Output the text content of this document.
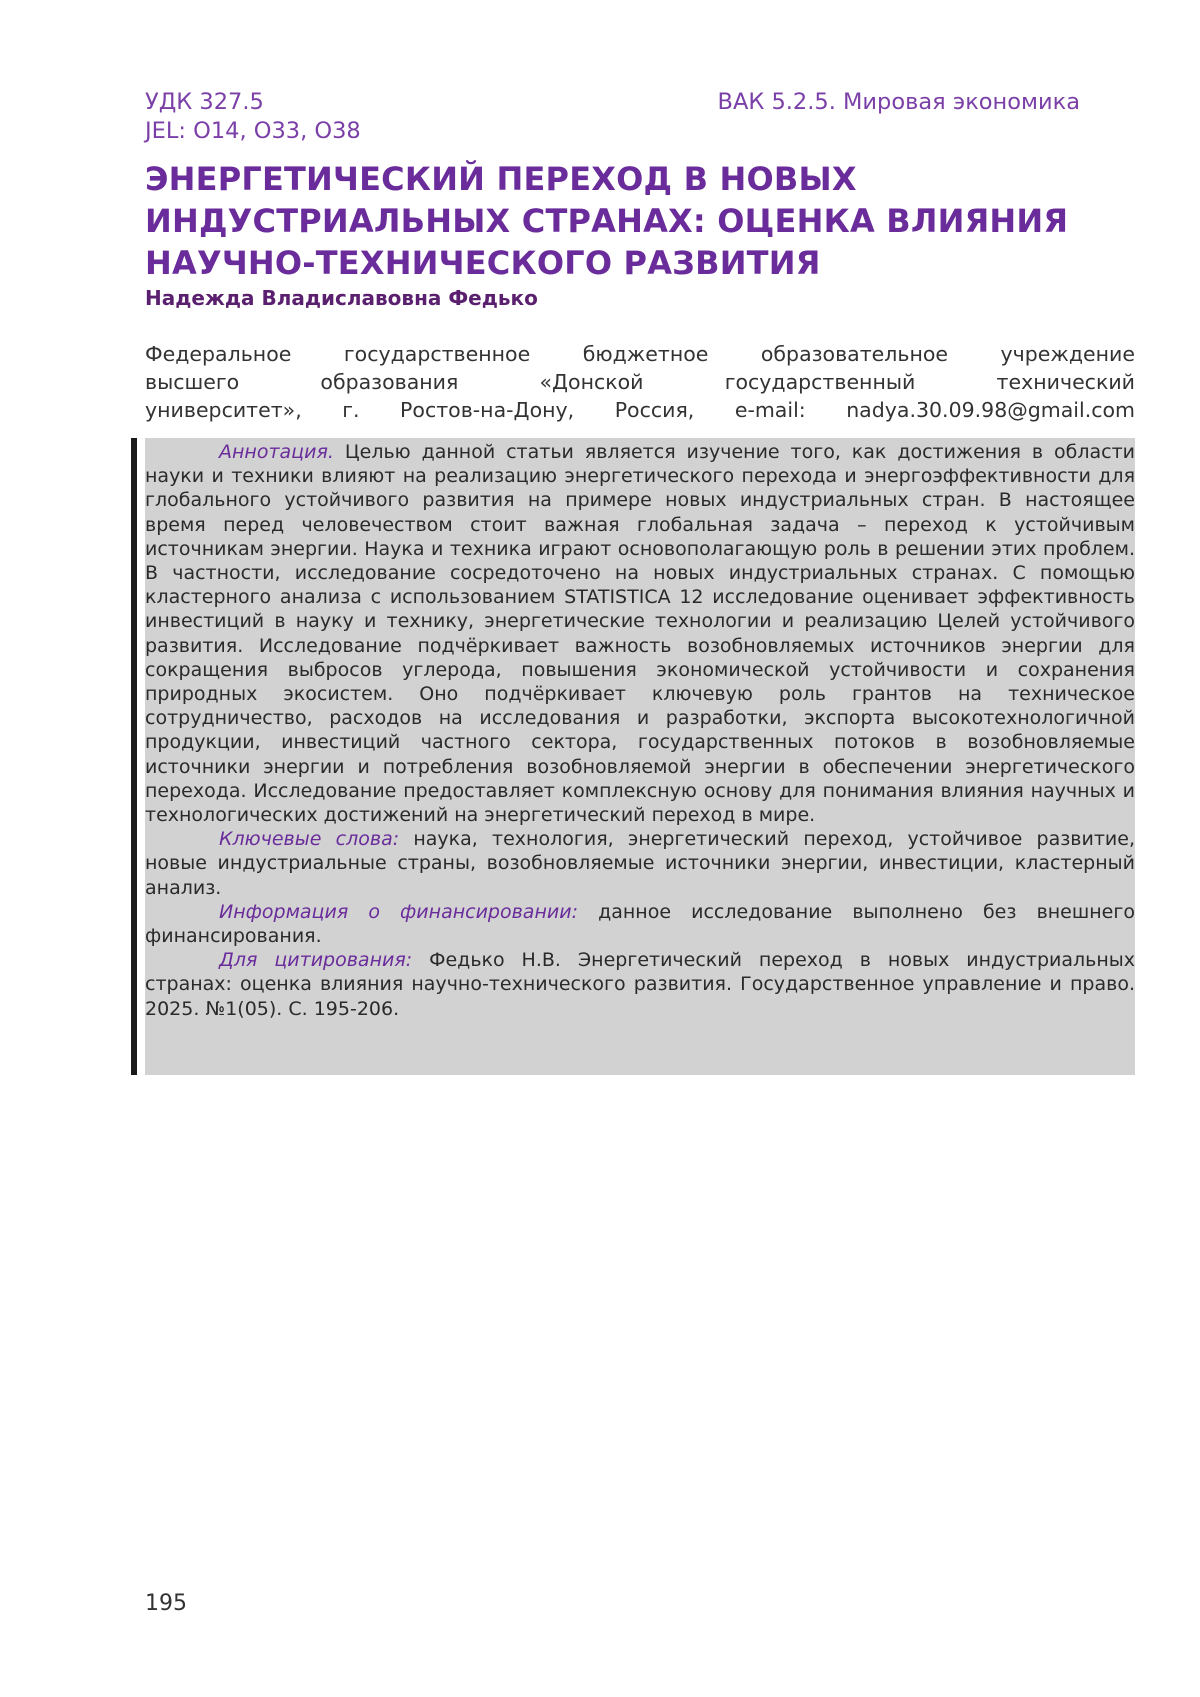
УДК 327.5
JEL: O14, O33, O38
ВАК 5.2.5. Мировая экономика
ЭНЕРГЕТИЧЕСКИЙ ПЕРЕХОД В НОВЫХ ИНДУСТРИАЛЬНЫХ СТРАНАХ: ОЦЕНКА ВЛИЯНИЯ НАУЧНО-ТЕХНИЧЕСКОГО РАЗВИТИЯ
Надежда Владиславовна Федько
Федеральное	государственное	бюджетное	образовательное	учреждение
высшего	образования	«Донской	государственный	технический
университет», г. Ростов-на-Дону, Россия, e-mail: nadya.30.09.98@gmail.com

Аннотация. Целью данной статьи является изучение того, как достижения в области науки и техники влияют на реализацию энергетического перехода и энергоэффективности для глобального устойчивого развития на примере новых индустриальных стран. В настоящее время перед человечеством стоит важная глобальная задача – переход к устойчивым источникам энергии. Наука и техника играют основополагающую роль в решении этих проблем. В частности, исследование сосредоточено на новых индустриальных странах. С помощью кластерного анализа с использованием STATISTICA 12 исследование оценивает эффективность инвестиций в науку и технику, энергетические технологии и реализацию Целей устойчивого развития. Исследование подчёркивает важность возобновляемых источников энергии для сокращения выбросов углерода, повышения экономической устойчивости и сохранения природных экосистем. Оно подчёркивает ключевую роль грантов на техническое сотрудничество, расходов на исследования и разработки, экспорта высокотехнологичной продукции, инвестиций частного сектора, государственных потоков в возобновляемые источники энергии и потребления возобновляемой энергии в обеспечении энергетического перехода. Исследование предоставляет комплексную основу для понимания влияния научных и технологических достижений на энергетический переход в мире.

Ключевые слова: наука, технология, энергетический переход, устойчивое развитие, новые индустриальные страны, возобновляемые источники энергии, инвестиции, кластерный анализ.

Информация о финансировании: данное исследование выполнено без внешнего финансирования.

Для цитирования: Федько Н.В. Энергетический переход в новых индустриальных странах: оценка влияния научно-технического развития. Государственное управление и право. 2025. №1(05). С. 195-206.

195
